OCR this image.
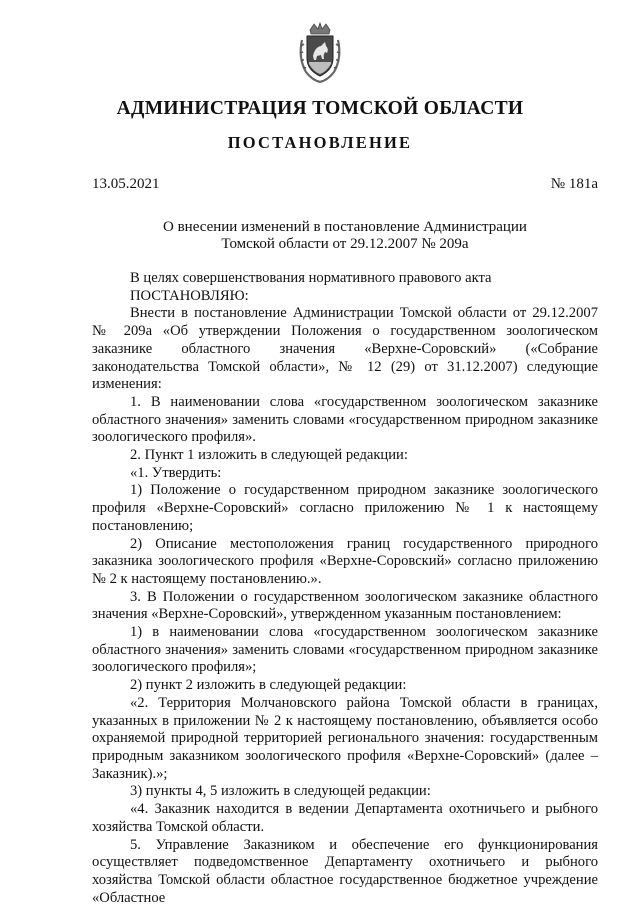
АДМИНИСТРАЦИЯ ТОМСКОЙ ОБЛАСТИ
ПОСТАНОВЛЕНИЕ
13.05.2021	№ 181а
О внесении изменений в постановление Администрации
Томской области от 29.12.2007 № 209а

В целях совершенствования нормативного правового акта

ПОСТАНОВЛЯЮ:

Внести в постановление Администрации Томской области от 29.12.2007 № 209а «Об утверждении Положения о государственном зоологическом заказнике областного значения «Верхне-Соровский» («Собрание законодательства Томской области», № 12 (29) от 31.12.2007) следующие изменения:

1. В наименовании слова «государственном зоологическом заказнике областного значения» заменить словами «государственном природном заказнике зоологического профиля».

2. Пункт 1 изложить в следующей редакции:

«1. Утвердить:

1) Положение о государственном природном заказнике зоологического профиля «Верхне-Соровский» согласно приложению № 1 к настоящему постановлению;

2) Описание местоположения границ государственного природного заказника зоологического профиля «Верхне-Соровский» согласно приложению № 2 к настоящему постановлению.».

3. В Положении о государственном зоологическом заказнике областного значения «Верхне-Соровский», утвержденном указанным постановлением:

1) в наименовании слова «государственном зоологическом заказнике областного значения» заменить словами «государственном природном заказнике зоологического профиля»;

2) пункт 2 изложить в следующей редакции:

«2. Территория Молчановского района Томской области в границах, указанных в приложении № 2 к настоящему постановлению, объявляется особо охраняемой природной территорией регионального значения: государственным природным заказником зоологического профиля «Верхне-Соровский» (далее – Заказник).»;

3) пункты 4, 5 изложить в следующей редакции:

«4. Заказник находится в ведении Департамента охотничьего и рыбного хозяйства Томской области.

5. Управление Заказником и обеспечение его функционирования осуществляет подведомственное Департаменту охотничьего и рыбного хозяйства Томской области областное государственное бюджетное учреждение «Областное
